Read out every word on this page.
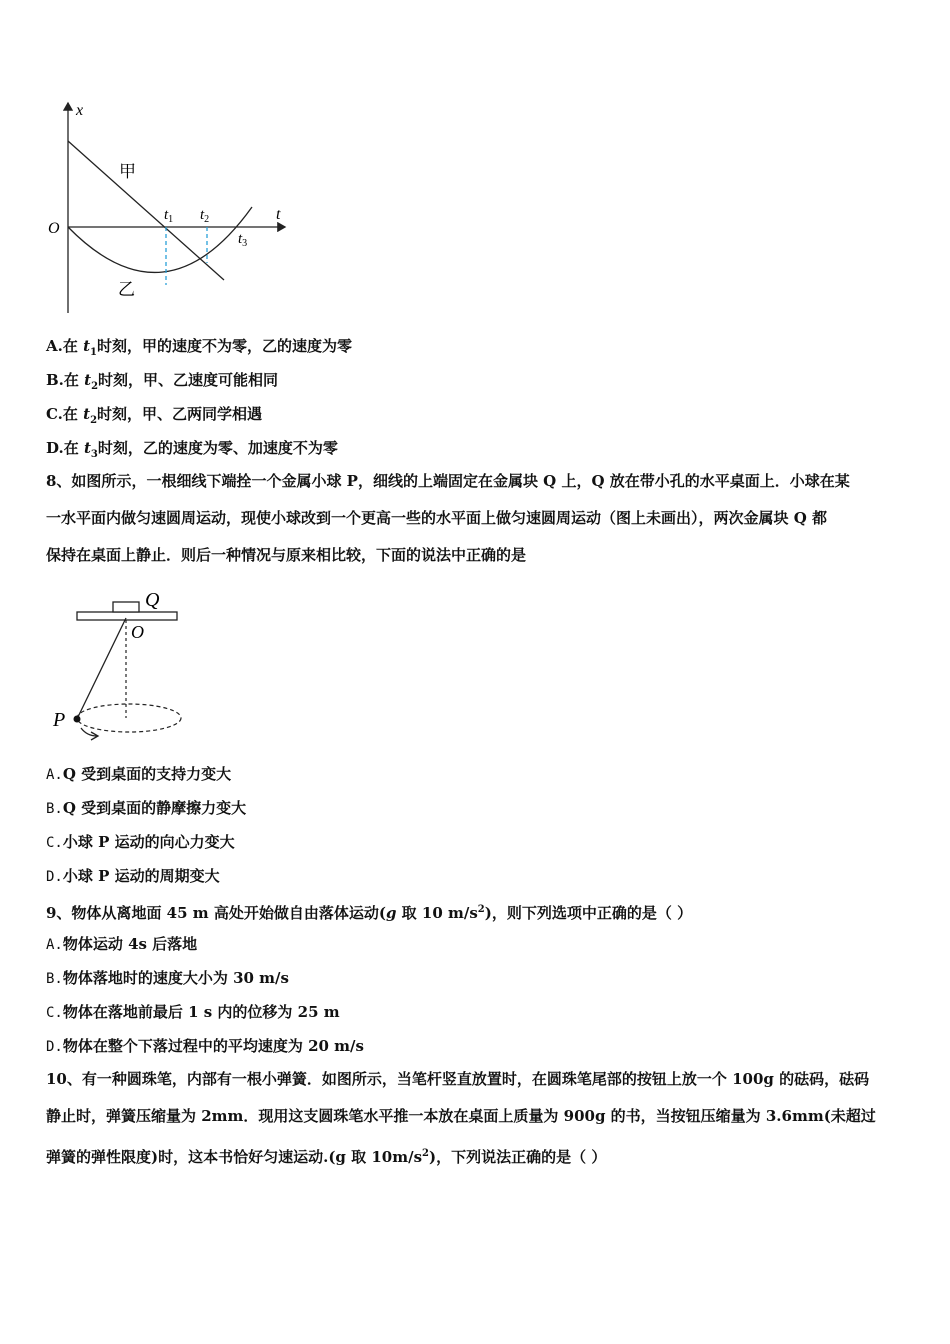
x
t
O
甲
乙
$t_1$ $t_2$
$t_3$
A.在 $t_1$时刻，甲的速度不为零，乙的速度为零
B.在 $t_2$时刻，甲、乙速度可能相同
C.在 $t_2$时刻，甲、乙两同学相遇
D.在 $t_3$时刻，乙的速度为零、加速度不为零
8、如图所示，一根细线下端拴一个金属小球 P，细线的上端固定在金属块 Q 上，Q 放在带小孔的水平桌面上．小球在某
一水平面内做匀速圆周运动，现使小球改到一个更高一些的水平面上做匀速圆周运动（图上未画出），两次金属块 Q 都
保持在桌面上静止．则后一种情况与原来相比较，下面的说法中正确的是
Q
O
P
A.Q 受到桌面的支持力变大
B.Q 受到桌面的静摩擦力变大
C.小球 P 运动的向心力变大
D.小球 P 运动的周期变大
9、物体从离地面 45 m 高处开始做自由落体运动(g 取 10 $m/s^2$)，则下列选项中正确的是（ ）
A.物体运动 4s 后落地
B.物体落地时的速度大小为 30 m/s
C.物体在落地前最后 1 s 内的位移为 25 m
D.物体在整个下落过程中的平均速度为 20 m/s
10、有一种圆珠笔，内部有一根小弹簧．如图所示，当笔杆竖直放置时，在圆珠笔尾部的按钮上放一个 100g 的砝码，砝码
静止时，弹簧压缩量为 2mm．现用这支圆珠笔水平推一本放在桌面上质量为 900g 的书，当按钮压缩量为 3.6mm(未超过
弹簧的弹性限度)时，这本书恰好匀速运动.(g 取 $10m/s^2$)，下列说法正确的是（ ）
